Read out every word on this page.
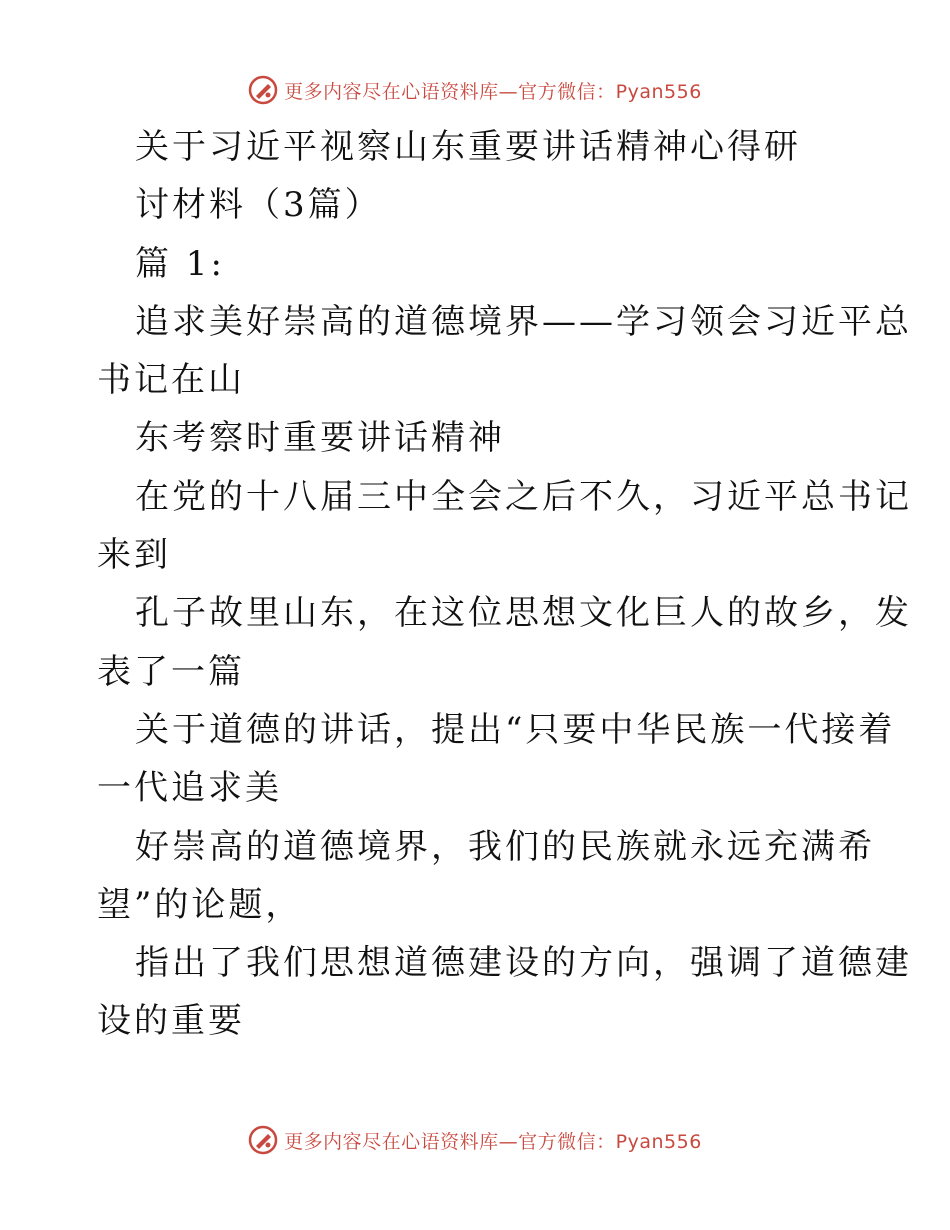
更多内容尽在心语资料库—官方微信：Pyan556
关于习近平视察山东重要讲话精神心得研
讨材料（3篇）
篇 1:
追求美好崇高的道德境界——学习领会习近平总
书记在山
东考察时重要讲话精神
在党的十八届三中全会之后不久，习近平总书记
来到
孔子故里山东，在这位思想文化巨人的故乡，发
表了一篇
关于道德的讲话，提出“只要中华民族一代接着
一代追求美
好崇高的道德境界，我们的民族就永远充满希
望”的论题，
指出了我们思想道德建设的方向，强调了道德建
设的重要
更多内容尽在心语资料库—官方微信：Pyan556
